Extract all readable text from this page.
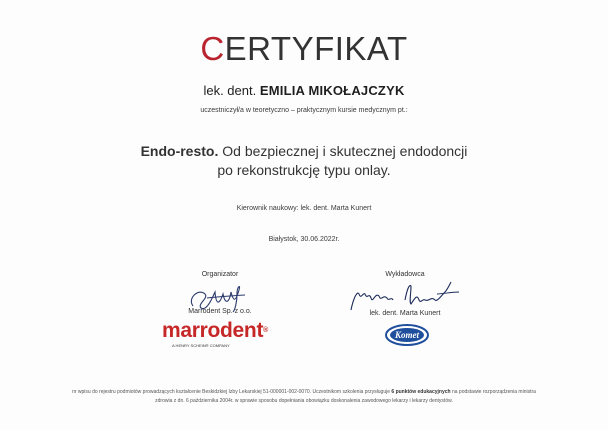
CERTYFIKAT
lek. dent. EMILIA MIKOŁAJCZYK
uczestniczył/a w teoretyczno – praktycznym kursie medycznym pt.:
Endo-resto. Od bezpiecznej i skutecznej endodoncji
po rekonstrukcję typu onlay.
Kierownik naukowy: lek. dent. Marta Kunert
Białystok, 30.06.2022r.
Organizator
Marrodent Sp. z o.o.
marrodent®
A HENRY SCHEIN® COMPANY
Wykładowca
lek. dent. Marta Kunert
Komet
nr wpisu do rejestru podmiotów prowadzących kształcenie Beskidzkiej Izby Lekarskiej 51-000001-002-0070. Uczestnikom szkolenia przysługuje 6 punktów edukacyjnych na podstawie rozporządzenia ministra
zdrowia z dn. 6 października 2004r. w sprawie sposobu dopełniania obowiązku doskonalenia zawodowego lekarzy i lekarzy dentystów.
